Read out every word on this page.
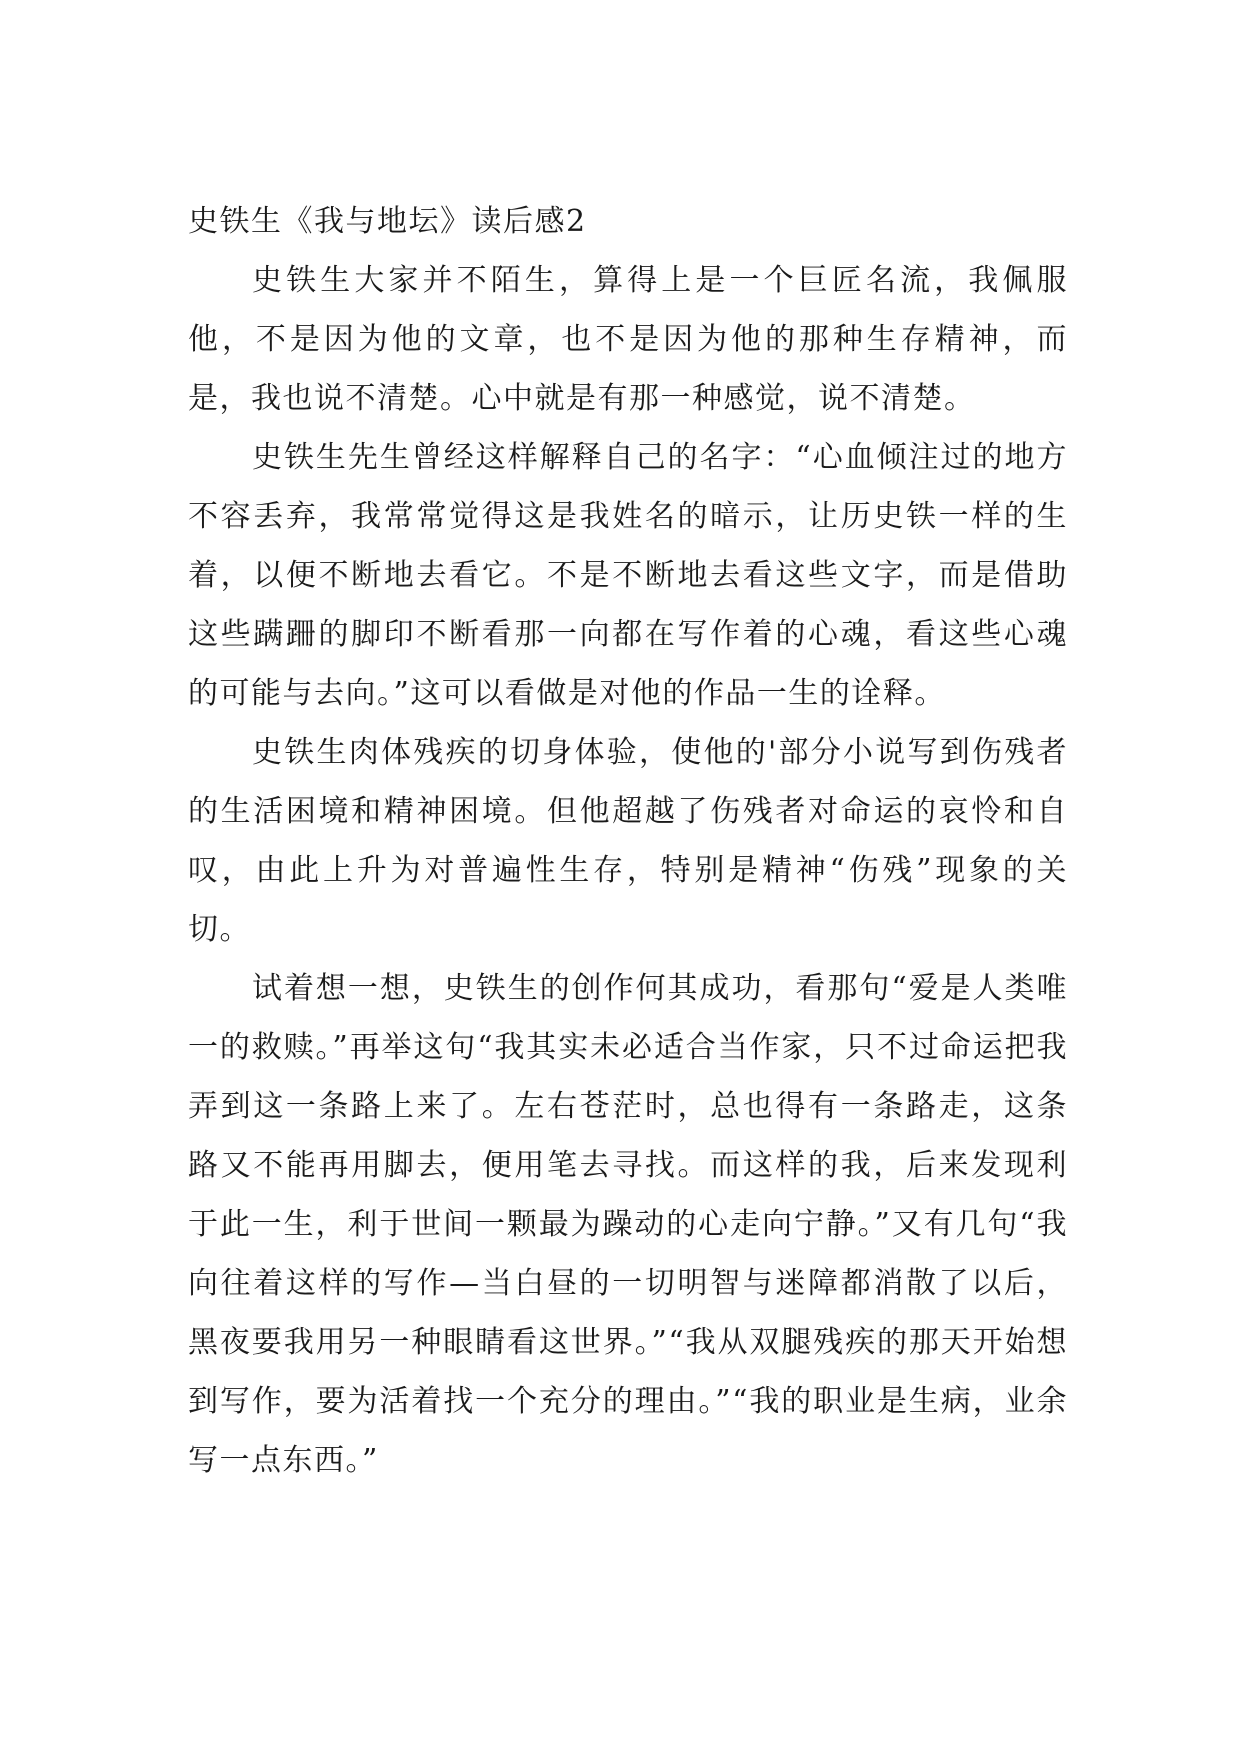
史铁生《我与地坛》读后感2

史铁生大家并不陌生，算得上是一个巨匠名流，我佩服他，不是因为他的文章，也不是因为他的那种生存精神，而是，我也说不清楚。心中就是有那一种感觉，说不清楚。

史铁生先生曾经这样解释自己的名字：“心血倾注过的地方不容丢弃，我常常觉得这是我姓名的暗示，让历史铁一样的生着，以便不断地去看它。不是不断地去看这些文字，而是借助这些蹒跚的脚印不断看那一向都在写作着的心魂，看这些心魂的可能与去向。”这可以看做是对他的作品一生的诠释。

史铁生肉体残疾的切身体验，使他的'部分小说写到伤残者的生活困境和精神困境。但他超越了伤残者对命运的哀怜和自叹，由此上升为对普遍性生存，特别是精神“伤残”现象的关切。

试着想一想，史铁生的创作何其成功，看那句“爱是人类唯一的救赎。”再举这句“我其实未必适合当作家，只不过命运把我弄到这一条路上来了。左右苍茫时，总也得有一条路走，这条路又不能再用脚去，便用笔去寻找。而这样的我，后来发现利于此一生，利于世间一颗最为躁动的心走向宁静。”又有几句“我向往着这样的写作—当白昼的一切明智与迷障都消散了以后，黑夜要我用另一种眼睛看这世界。”“我从双腿残疾的那天开始想到写作，要为活着找一个充分的理由。”“我的职业是生病，业余写一点东西。”
